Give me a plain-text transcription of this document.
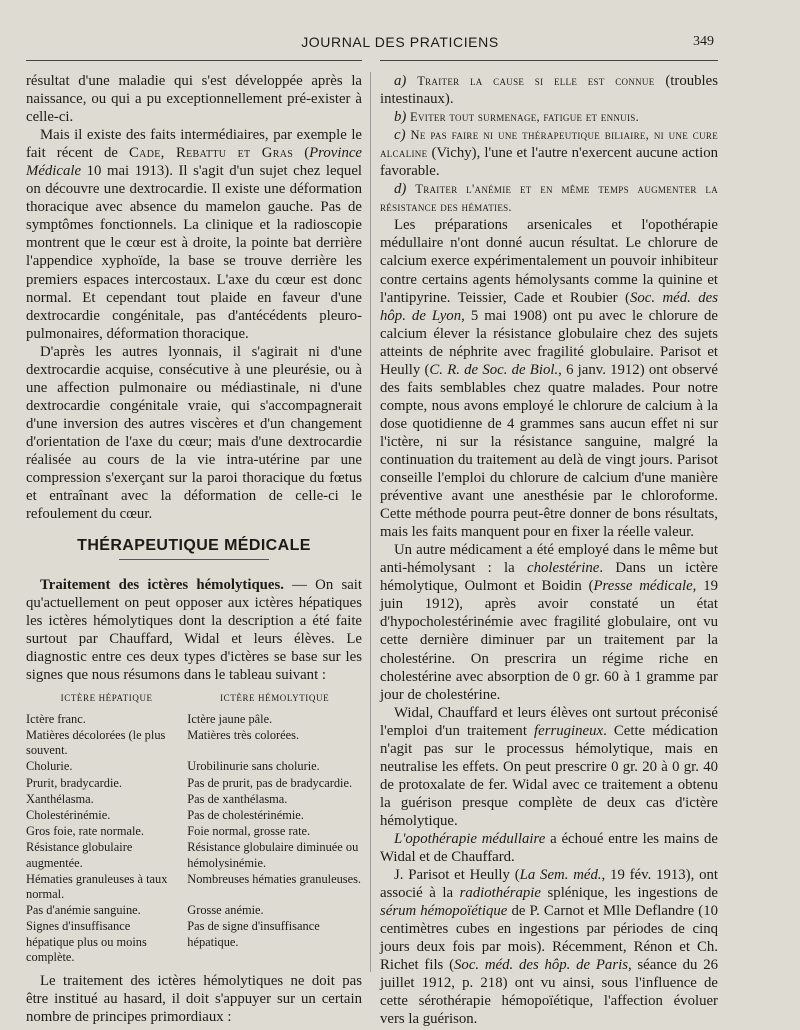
JOURNAL DES PRATICIENS	349

résultat d'une maladie qui s'est développée après la naissance, ou qui a pu exceptionnellement pré-exister à celle-ci.

Mais il existe des faits intermédiaires, par exemple le fait récent de Cade, Rebattu et Gras (Province Médicale 10 mai 1913). Il s'agit d'un sujet chez lequel on découvre une dextrocardie. Il existe une déformation thoracique avec absence du mamelon gauche. Pas de symptômes fonctionnels. La clinique et la radioscopie montrent que le cœur est à droite, la pointe bat derrière l'appendice xyphoïde, la base se trouve derrière les premiers espaces intercostaux. L'axe du cœur est donc normal. Et cependant tout plaide en faveur d'une dextrocardie congénitale, pas d'antécédents pleuro-pulmonaires, déformation thoracique.

D'après les autres lyonnais, il s'agirait ni d'une dextrocardie acquise, consécutive à une pleurésie, ou à une affection pulmonaire ou médiastinale, ni d'une dextrocardie congénitale vraie, qui s'accompagnerait d'une inversion des autres viscères et d'un changement d'orientation de l'axe du cœur; mais d'une dextrocardie réalisée au cours de la vie intra-utérine par une compression s'exerçant sur la paroi thoracique du fœtus et entraînant avec la déformation de celle-ci le refoulement du cœur.

THÉRAPEUTIQUE MÉDICALE

Traitement des ictères hémolytiques. — On sait qu'actuellement on peut opposer aux ictères hépatiques les ictères hémolytiques dont la description a été faite surtout par Chauffard, Widal et leurs élèves. Le diagnostic entre ces deux types d'ictères se base sur les signes que nous résumons dans le tableau suivant :

ICTÈRE HÉPATIQUE	ICTÈRE HÉMOLYTIQUE
Ictère franc.	Ictère jaune pâle.
Matières décolorées (le plus souvent.	Matières très colorées.
Cholurie.	Urobilinurie sans cholurie.
Prurit, bradycardie.	Pas de prurit, pas de bradycardie.
Xanthélasma.	Pas de xanthélasma.
Cholestérinémie.	Pas de cholestérinémie.
Gros foie, rate normale.	Foie normal, grosse rate.
Résistance globulaire augmentée.	Résistance globulaire diminuée ou hémolysinémie.
Hématies granuleuses à taux normal.	Nombreuses hématies granuleuses.
Pas d'anémie sanguine.	Grosse anémie.
Signes d'insuffisance hépatique plus ou moins complète.	Pas de signe d'insuffisance hépatique.

Le traitement des ictères hémolytiques ne doit pas être institué au hasard, il doit s'appuyer sur un certain nombre de principes primordiaux :

a) Traiter la cause si elle est connue (troubles intestinaux).

b) Eviter tout surmenage, fatigue et ennuis.

c) Ne pas faire ni une thérapeutique biliaire, ni une cure alcaline (Vichy), l'une et l'autre n'exercent aucune action favorable.

d) Traiter l'anémie et en même temps augmenter la résistance des hématies.

Les préparations arsenicales et l'opothérapie médullaire n'ont donné aucun résultat. Le chlorure de calcium exerce expérimentalement un pouvoir inhibiteur contre certains agents hémolysants comme la quinine et l'antipyrine. Teissier, Cade et Roubier (Soc. méd. des hôp. de Lyon, 5 mai 1908) ont pu avec le chlorure de calcium élever la résistance globulaire chez des sujets atteints de néphrite avec fragilité globulaire. Parisot et Heully (C. R. de Soc. de Biol., 6 janv. 1912) ont observé des faits semblables chez quatre malades. Pour notre compte, nous avons employé le chlorure de calcium à la dose quotidienne de 4 grammes sans aucun effet ni sur l'ictère, ni sur la résistance sanguine, malgré la continuation du traitement au delà de vingt jours. Parisot conseille l'emploi du chlorure de calcium d'une manière préventive avant une anesthésie par le chloroforme. Cette méthode pourra peut-être donner de bons résultats, mais les faits manquent pour en fixer la réelle valeur.

Un autre médicament a été employé dans le même but anti-hémolysant : la cholestérine. Dans un ictère hémolytique, Oulmont et Boidin (Presse médicale, 19 juin 1912), après avoir constaté un état d'hypocholestérinémie avec fragilité globulaire, ont vu cette dernière diminuer par un traitement par la cholestérine. On prescrira un régime riche en cholestérine avec absorption de 0 gr. 60 à 1 gramme par jour de cholestérine.

Widal, Chauffard et leurs élèves ont surtout préconisé l'emploi d'un traitement ferrugineux. Cette médication n'agit pas sur le processus hémolytique, mais en neutralise les effets. On peut prescrire 0 gr. 20 à 0 gr. 40 de protoxalate de fer. Widal avec ce traitement a obtenu la guérison presque complète de deux cas d'ictère hémolytique.

L'opothérapie médullaire a échoué entre les mains de Widal et de Chauffard.

J. Parisot et Heully (La Sem. méd., 19 fév. 1913), ont associé à la radiothérapie splénique, les ingestions de sérum hémopoïétique de P. Carnot et Mlle Deflandre (10 centimètres cubes en ingestions par périodes de cinq jours deux fois par mois). Récemment, Rénon et Ch. Richet fils (Soc. méd. des hôp. de Paris, séance du 26 juillet 1912, p. 218) ont vu ainsi, sous l'influence de cette sérothérapie hémopoïétique, l'affection évoluer vers la guérison.
